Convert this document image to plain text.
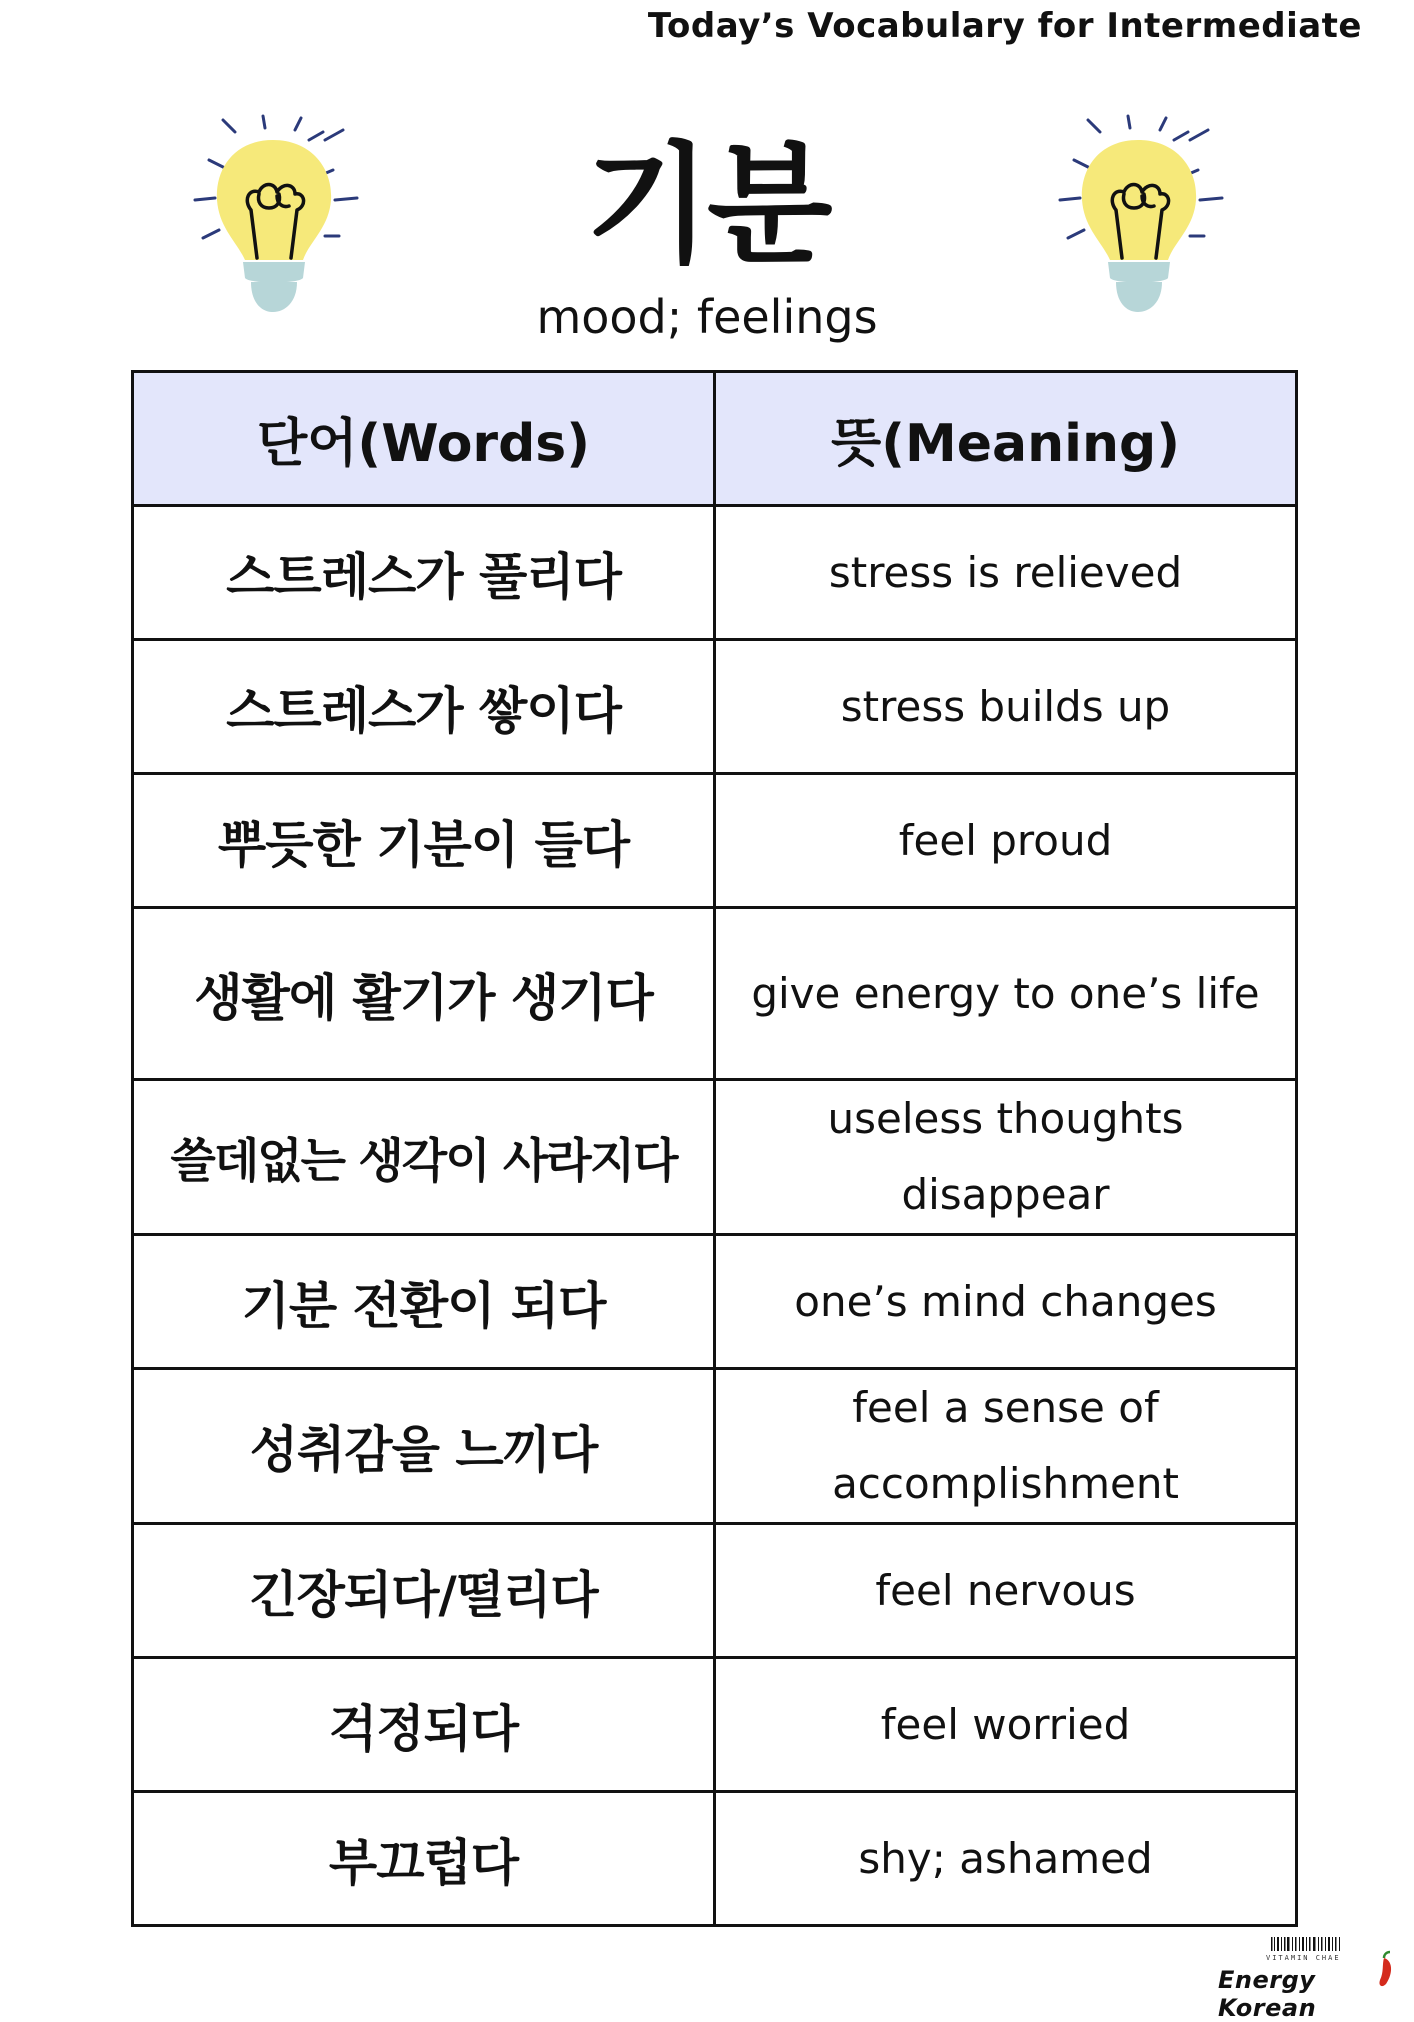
Today’s Vocabulary for Intermediate
기분
mood; feelings
단어(Words)	뜻(Meaning)
스트레스가 풀리다	stress is relieved
스트레스가 쌓이다	stress builds up
뿌듯한 기분이 들다	feel proud
생활에 활기가 생기다	give energy to one’s life
쓸데없는 생각이 사라지다	useless thoughts disappear
기분 전환이 되다	one’s mind changes
성취감을 느끼다	feel a sense of accomplishment
긴장되다/떨리다	feel nervous
걱정되다	feel worried
부끄럽다	shy; ashamed
VITAMIN CHAE
Energy Korean
